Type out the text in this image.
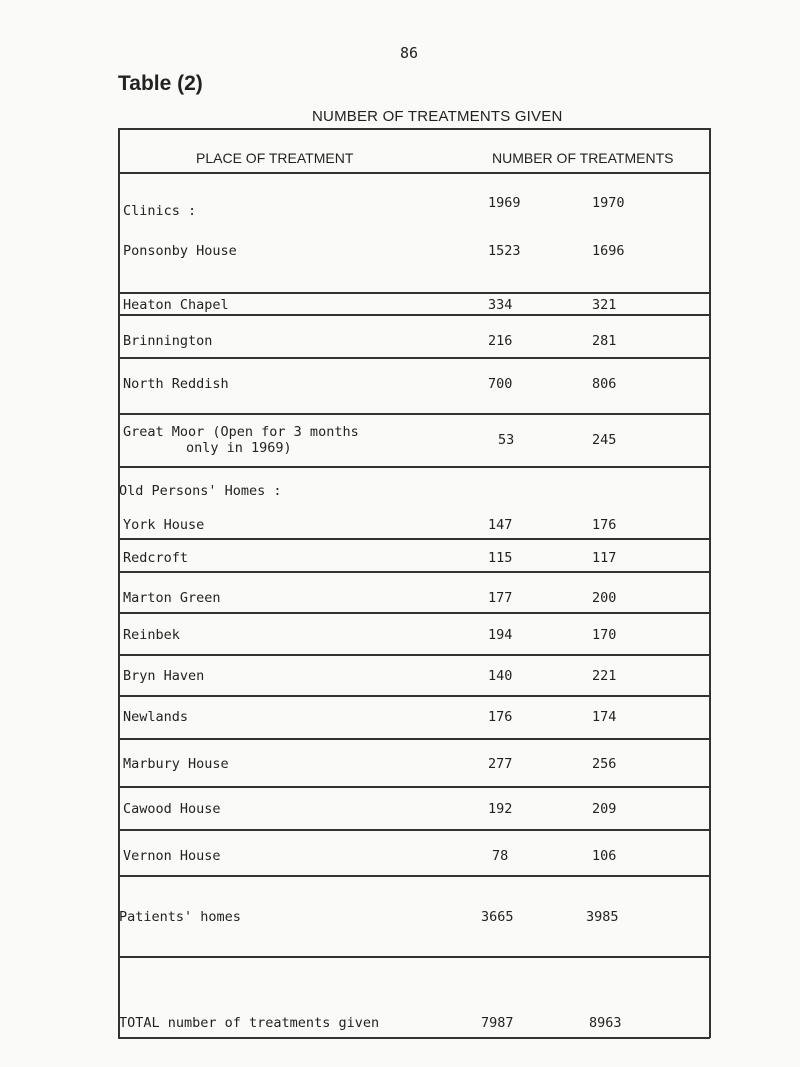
86
Table (2)
NUMBER OF TREATMENTS GIVEN
PLACE OF TREATMENT	NUMBER OF TREATMENTS
Clinics :	1969	1970
Ponsonby House	1523	1696
Heaton Chapel	334	321
Brinnington	216	281
North Reddish	700	806
Great Moor (Open for 3 months
only in 1969)	53	245
Old Persons' Homes :
York House	147	176
Redcroft	115	117
Marton Green	177	200
Reinbek	194	170
Bryn Haven	140	221
Newlands	176	174
Marbury House	277	256
Cawood House	192	209
Vernon House	78	106
Patients' homes	3665	3985
TOTAL number of treatments given	7987	8963
